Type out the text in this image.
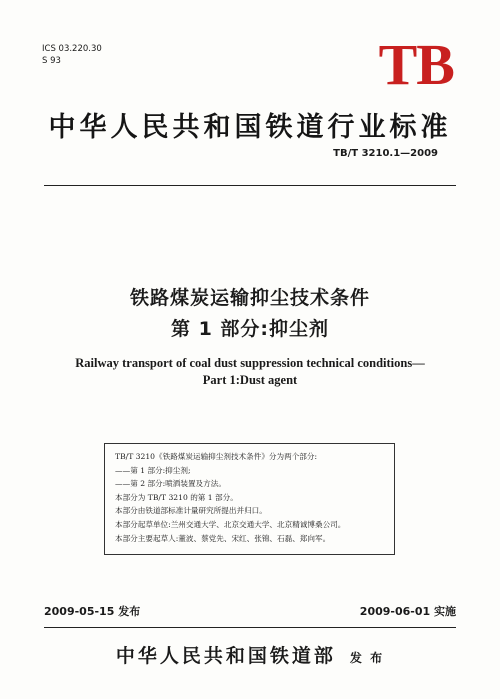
ICS 03.220.30
S 93	TB
中华人民共和国铁道行业标准
TB/T 3210.1—2009
铁路煤炭运输抑尘技术条件
第 1 部分:抑尘剂
Railway transport of coal dust suppression technical conditions—
Part 1:Dust agent
TB/T 3210《铁路煤炭运输抑尘剂技术条件》分为两个部分:
——第 1 部分:抑尘剂;
——第 2 部分:喷洒装置及方法。
本部分为 TB/T 3210 的第 1 部分。
本部分由铁道部标准计量研究所提出并归口。
本部分起草单位:兰州交通大学、北京交通大学、北京精诚博桑公司。
本部分主要起草人:董波、蔡党先、宋红、张锦、石磊、郑向军。
2009-05-15 发布	2009-06-01 实施
中华人民共和国铁道部 发 布
